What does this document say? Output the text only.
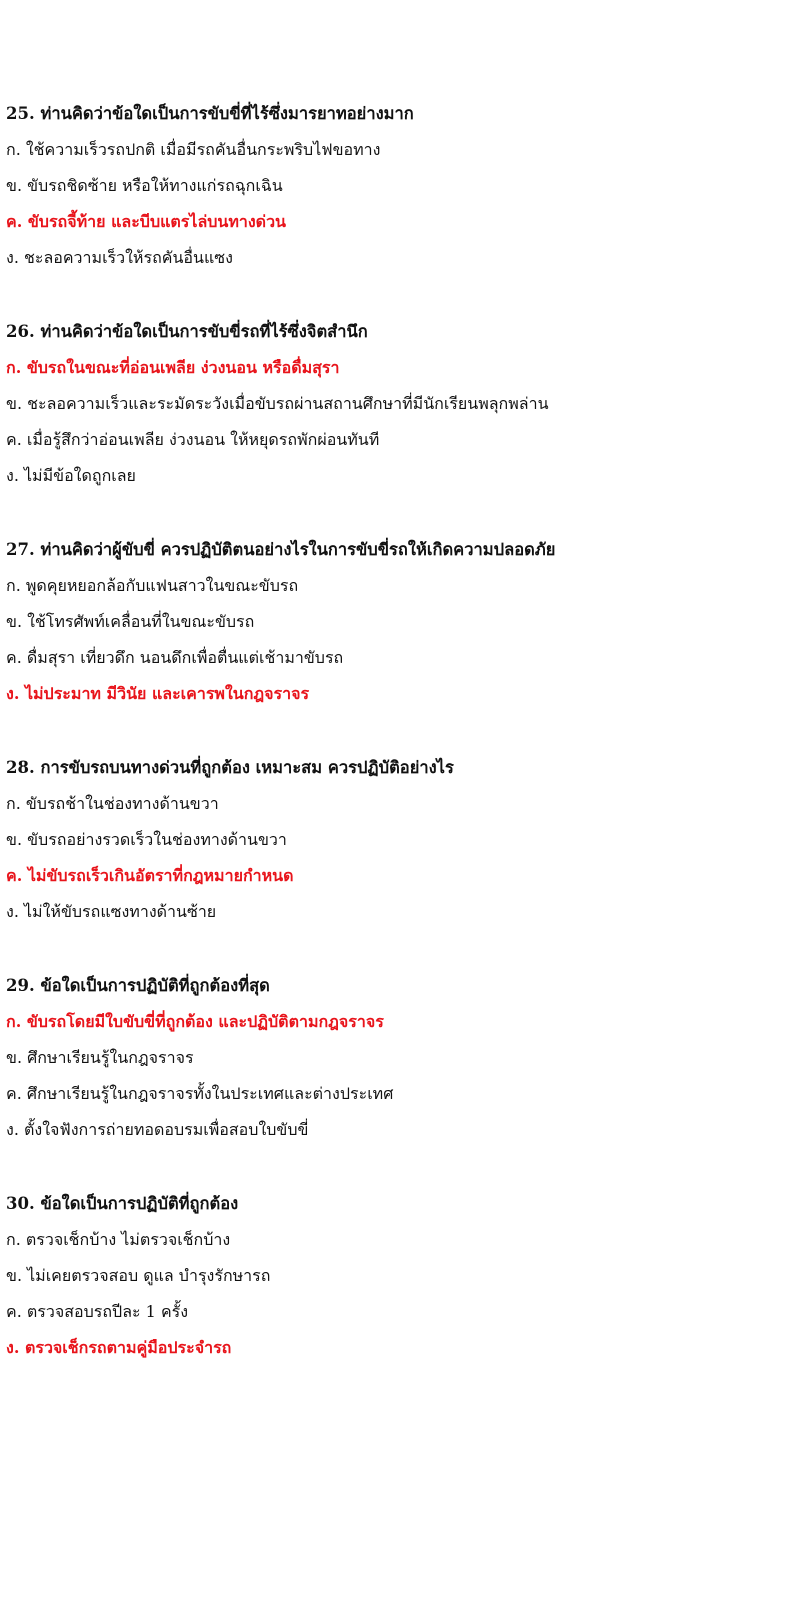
25. ท่านคิดว่าข้อใดเป็นการขับขี่ที่ไร้ซึ่งมารยาทอย่างมาก
ก. ใช้ความเร็วรถปกติ เมื่อมีรถคันอื่นกระพริบไฟขอทาง
ข. ขับรถชิดซ้าย หรือให้ทางแก่รถฉุกเฉิน
ค. ขับรถจี้ท้าย และบีบแตรไล่บนทางด่วน
ง. ชะลอความเร็วให้รถคันอื่นแซง
26. ท่านคิดว่าข้อใดเป็นการขับขี่รถที่ไร้ซึ่งจิตสำนึก
ก. ขับรถในขณะที่อ่อนเพลีย ง่วงนอน หรือดื่มสุรา
ข. ชะลอความเร็วและระมัดระวังเมื่อขับรถผ่านสถานศึกษาที่มีนักเรียนพลุกพล่าน
ค. เมื่อรู้สึกว่าอ่อนเพลีย ง่วงนอน ให้หยุดรถพักผ่อนทันที
ง. ไม่มีข้อใดถูกเลย
27. ท่านคิดว่าผู้ขับขี่ ควรปฏิบัติตนอย่างไรในการขับขี่รถให้เกิดความปลอดภัย
ก. พูดคุยหยอกล้อกับแฟนสาวในขณะขับรถ
ข. ใช้โทรศัพท์เคลื่อนที่ในขณะขับรถ
ค. ดื่มสุรา เที่ยวดึก นอนดึกเพื่อตื่นแต่เช้ามาขับรถ
ง. ไม่ประมาท มีวินัย และเคารพในกฎจราจร
28. การขับรถบนทางด่วนที่ถูกต้อง เหมาะสม ควรปฏิบัติอย่างไร
ก. ขับรถช้าในช่องทางด้านขวา
ข. ขับรถอย่างรวดเร็วในช่องทางด้านขวา
ค. ไม่ขับรถเร็วเกินอัตราที่กฎหมายกำหนด
ง. ไม่ให้ขับรถแซงทางด้านซ้าย
29. ข้อใดเป็นการปฏิบัติที่ถูกต้องที่สุด
ก. ขับรถโดยมีใบขับขี่ที่ถูกต้อง และปฏิบัติตามกฎจราจร
ข. ศึกษาเรียนรู้ในกฎจราจร
ค. ศึกษาเรียนรู้ในกฎจราจรทั้งในประเทศและต่างประเทศ
ง. ตั้งใจฟังการถ่ายทอดอบรมเพื่อสอบใบขับขี่
30. ข้อใดเป็นการปฏิบัติที่ถูกต้อง
ก. ตรวจเช็กบ้าง ไม่ตรวจเช็กบ้าง
ข. ไม่เคยตรวจสอบ ดูแล บำรุงรักษารถ
ค. ตรวจสอบรถปีละ 1 ครั้ง
ง. ตรวจเช็กรถตามคู่มือประจำรถ
